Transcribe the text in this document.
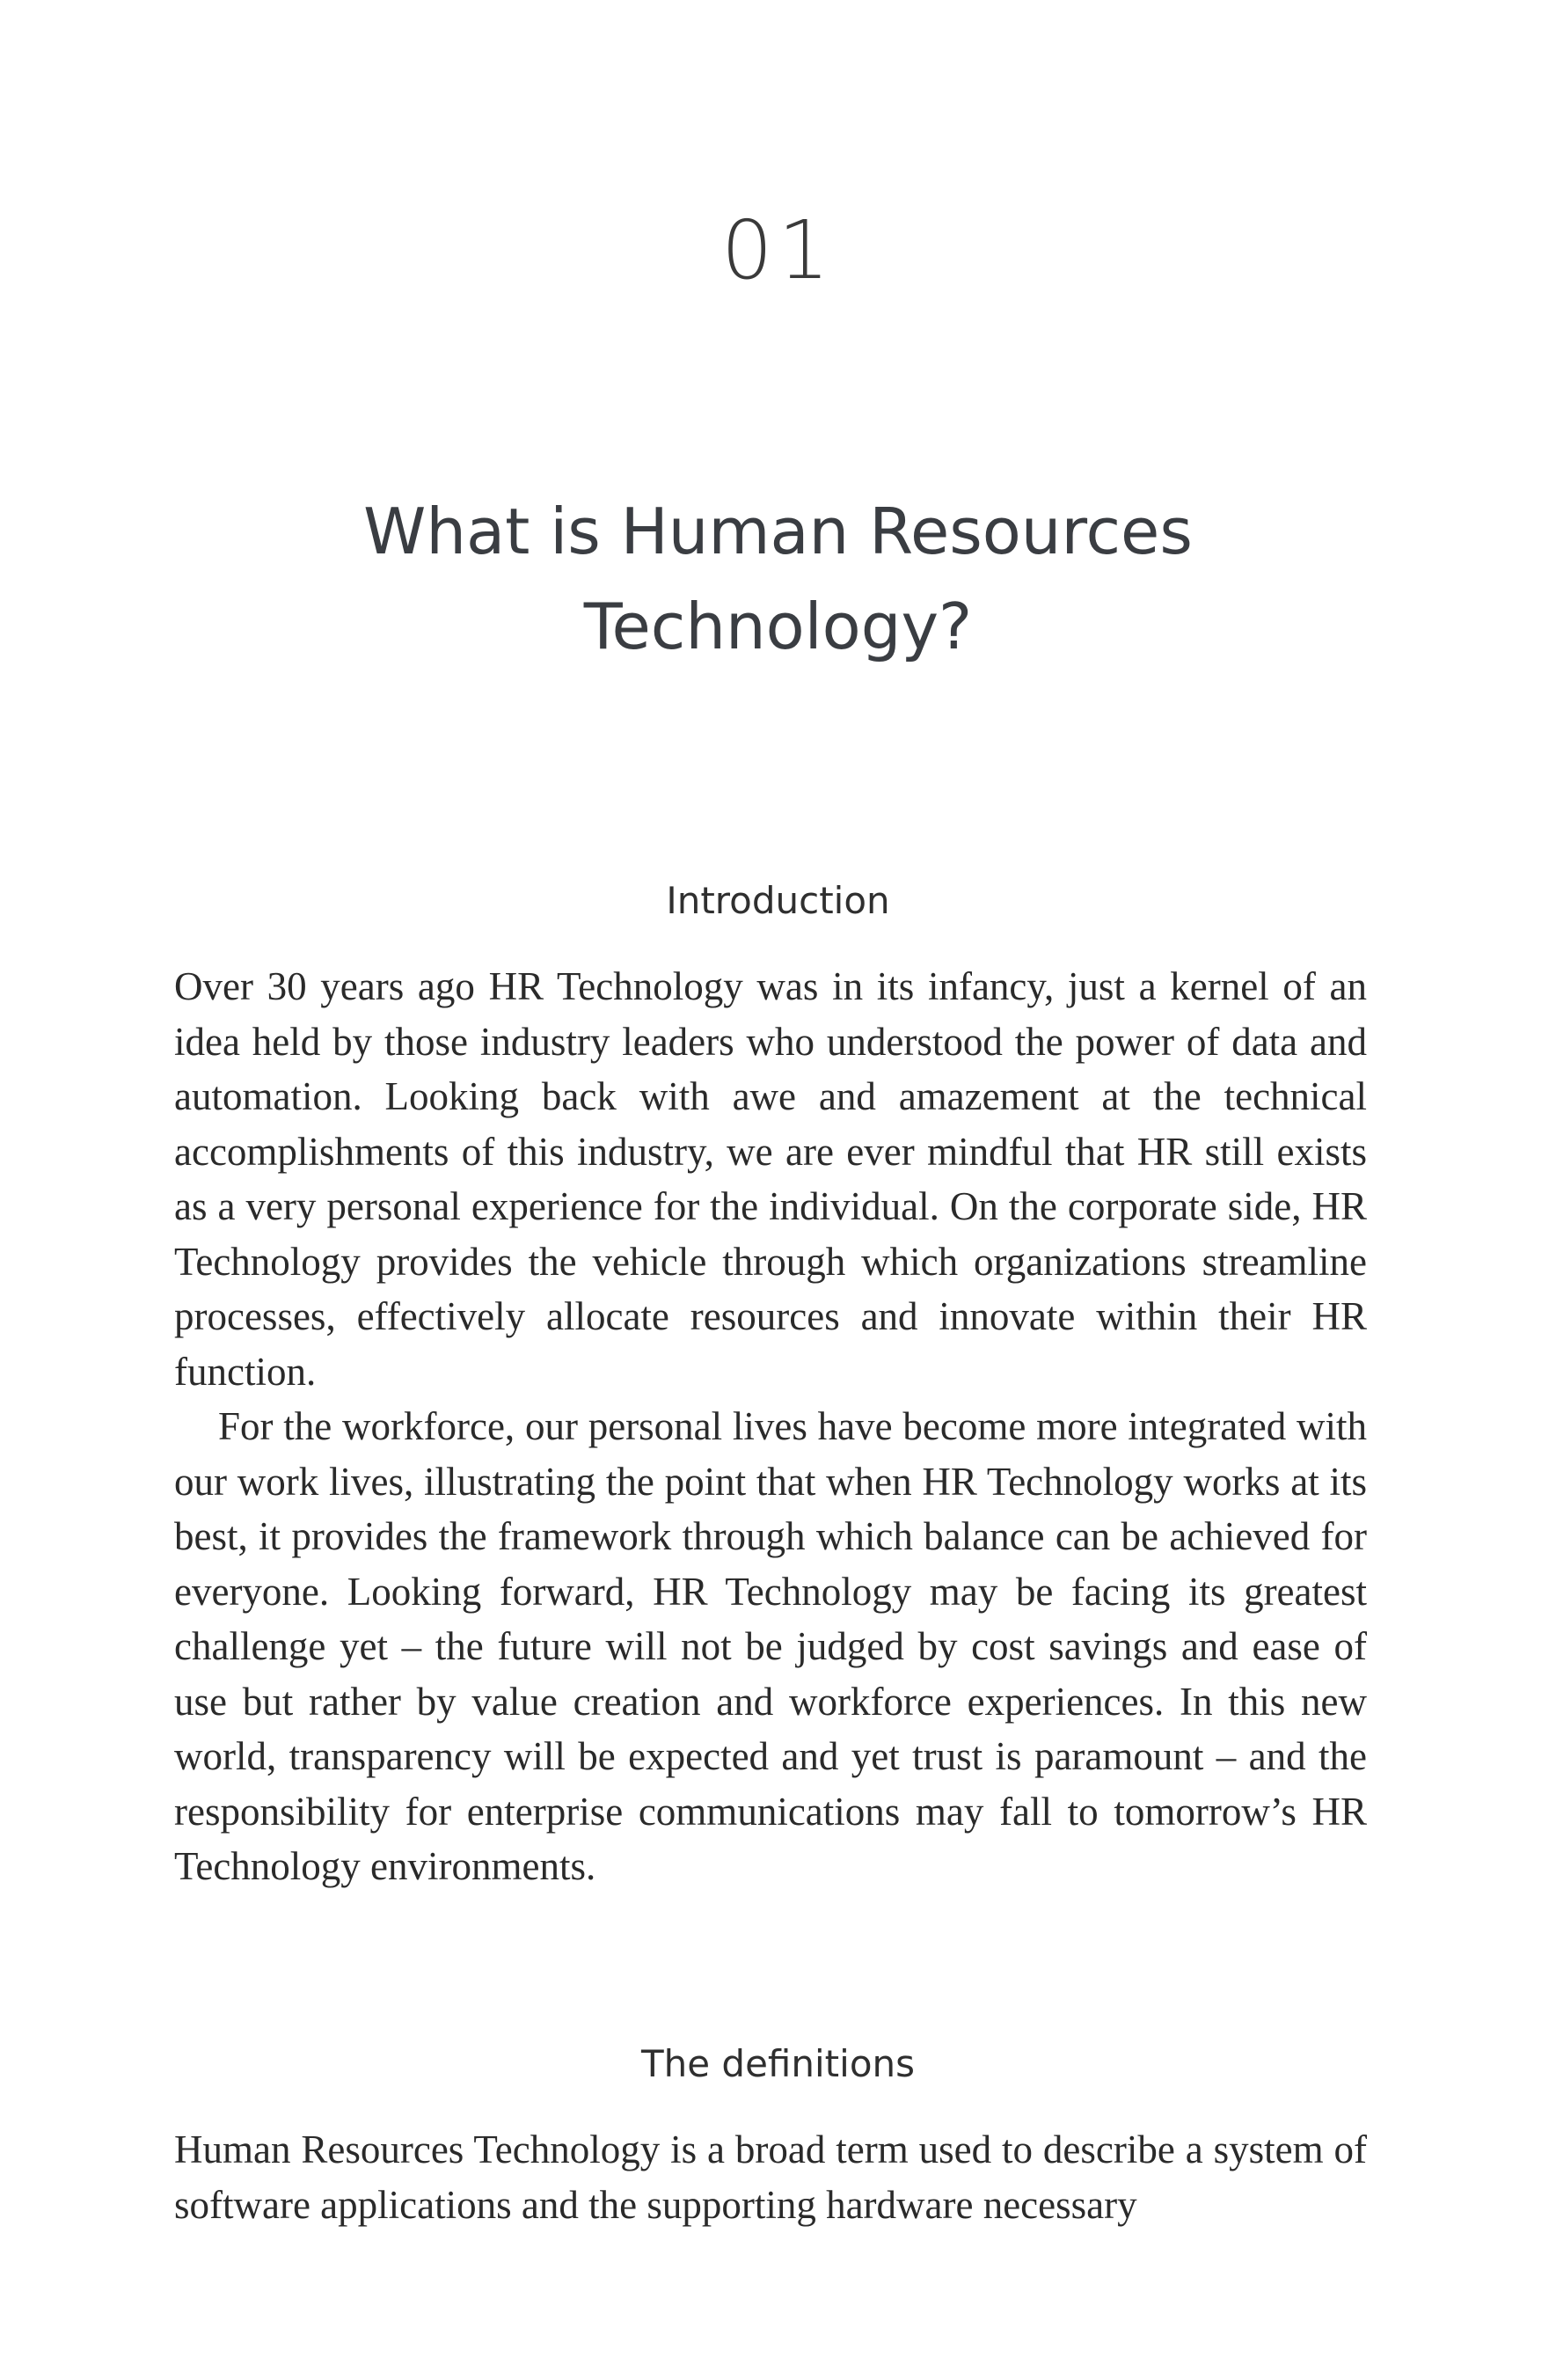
01
What is Human Resources Technology?
Introduction

Over 30 years ago HR Technology was in its infancy, just a kernel of an idea held by those industry leaders who understood the power of data and automation. Looking back with awe and amazement at the technical accomplishments of this industry, we are ever mindful that HR still exists as a very personal experience for the individual. On the corporate side, HR Technology provides the vehicle through which organizations streamline processes, effectively allocate resources and innovate within their HR function.

For the workforce, our personal lives have become more integrated with our work lives, illustrating the point that when HR Technology works at its best, it provides the framework through which balance can be achieved for everyone. Looking forward, HR Technology may be facing its greatest challenge yet – the future will not be judged by cost savings and ease of use but rather by value creation and workforce experiences. In this new world, transparency will be expected and yet trust is paramount – and the responsibility for enterprise communications may fall to tomorrow’s HR Technology environments.

The definitions

Human Resources Technology is a broad term used to describe a system of software applications and the supporting hardware necessary
